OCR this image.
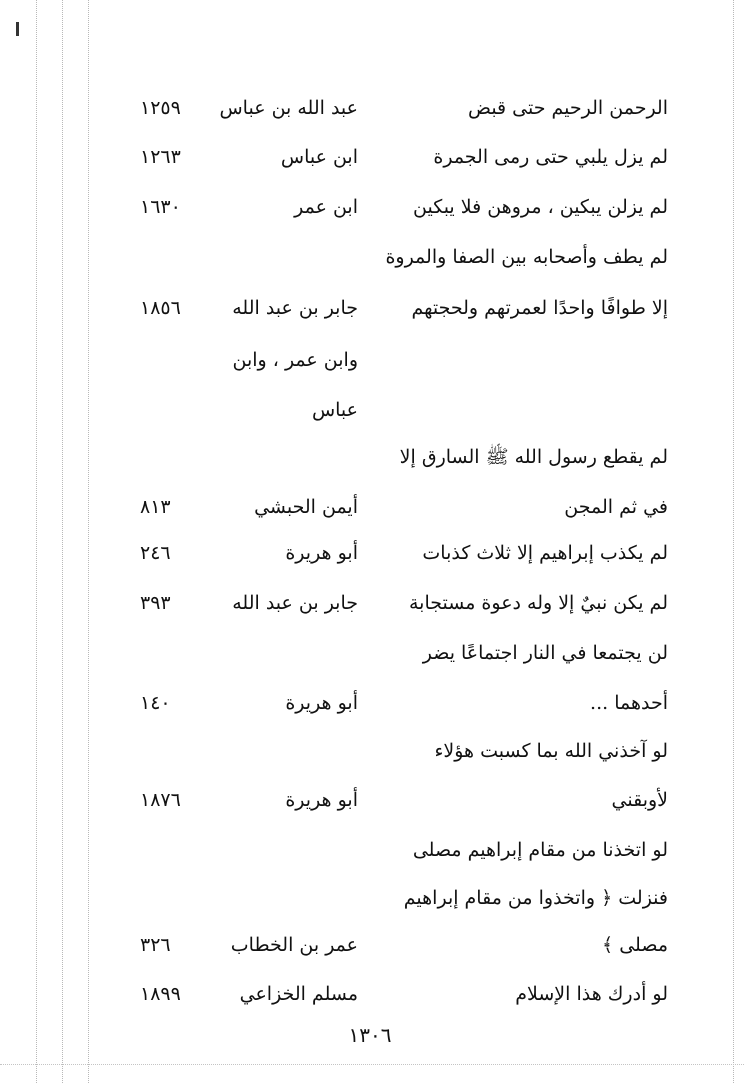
الرحمن الرحيم حتى قبض
عبد الله بن عباس
١٢٥٩
لم يزل يلبي حتى رمى الجمرة
ابن عباس
١٢٦٣
لم يزلن يبكين ، مروهن فلا يبكين
ابن عمر
١٦٣٠
لم يطف وأصحابه بين الصفا والمروة
إلا طوافًا واحدًا لعمرتهم ولحجتهم
جابر بن عبد الله
١٨٥٦
وابن عمر ، وابن
عباس
لم يقطع رسول الله ﷺ السارق إلا
في ثم المجن
أيمن الحبشي
٨١٣
لم يكذب إبراهيم إلا ثلاث كذبات
أبو هريرة
٢٤٦
لم يكن نبيٌ إلا وله دعوة مستجابة
جابر بن عبد الله
٣٩٣
لن يجتمعا في النار اجتماعًا يضر
أحدهما ...
أبو هريرة
١٤٠
لو آخذني الله بما كسبت هؤلاء
لأوبقني
أبو هريرة
١٨٧٦
لو اتخذنا من مقام إبراهيم مصلى
فنزلت ﴿ واتخذوا من مقام إبراهيم
مصلى ﴾
عمر بن الخطاب
٣٢٦
لو أدرك هذا الإسلام
مسلم الخزاعي
١٨٩٩
١٣٠٦
